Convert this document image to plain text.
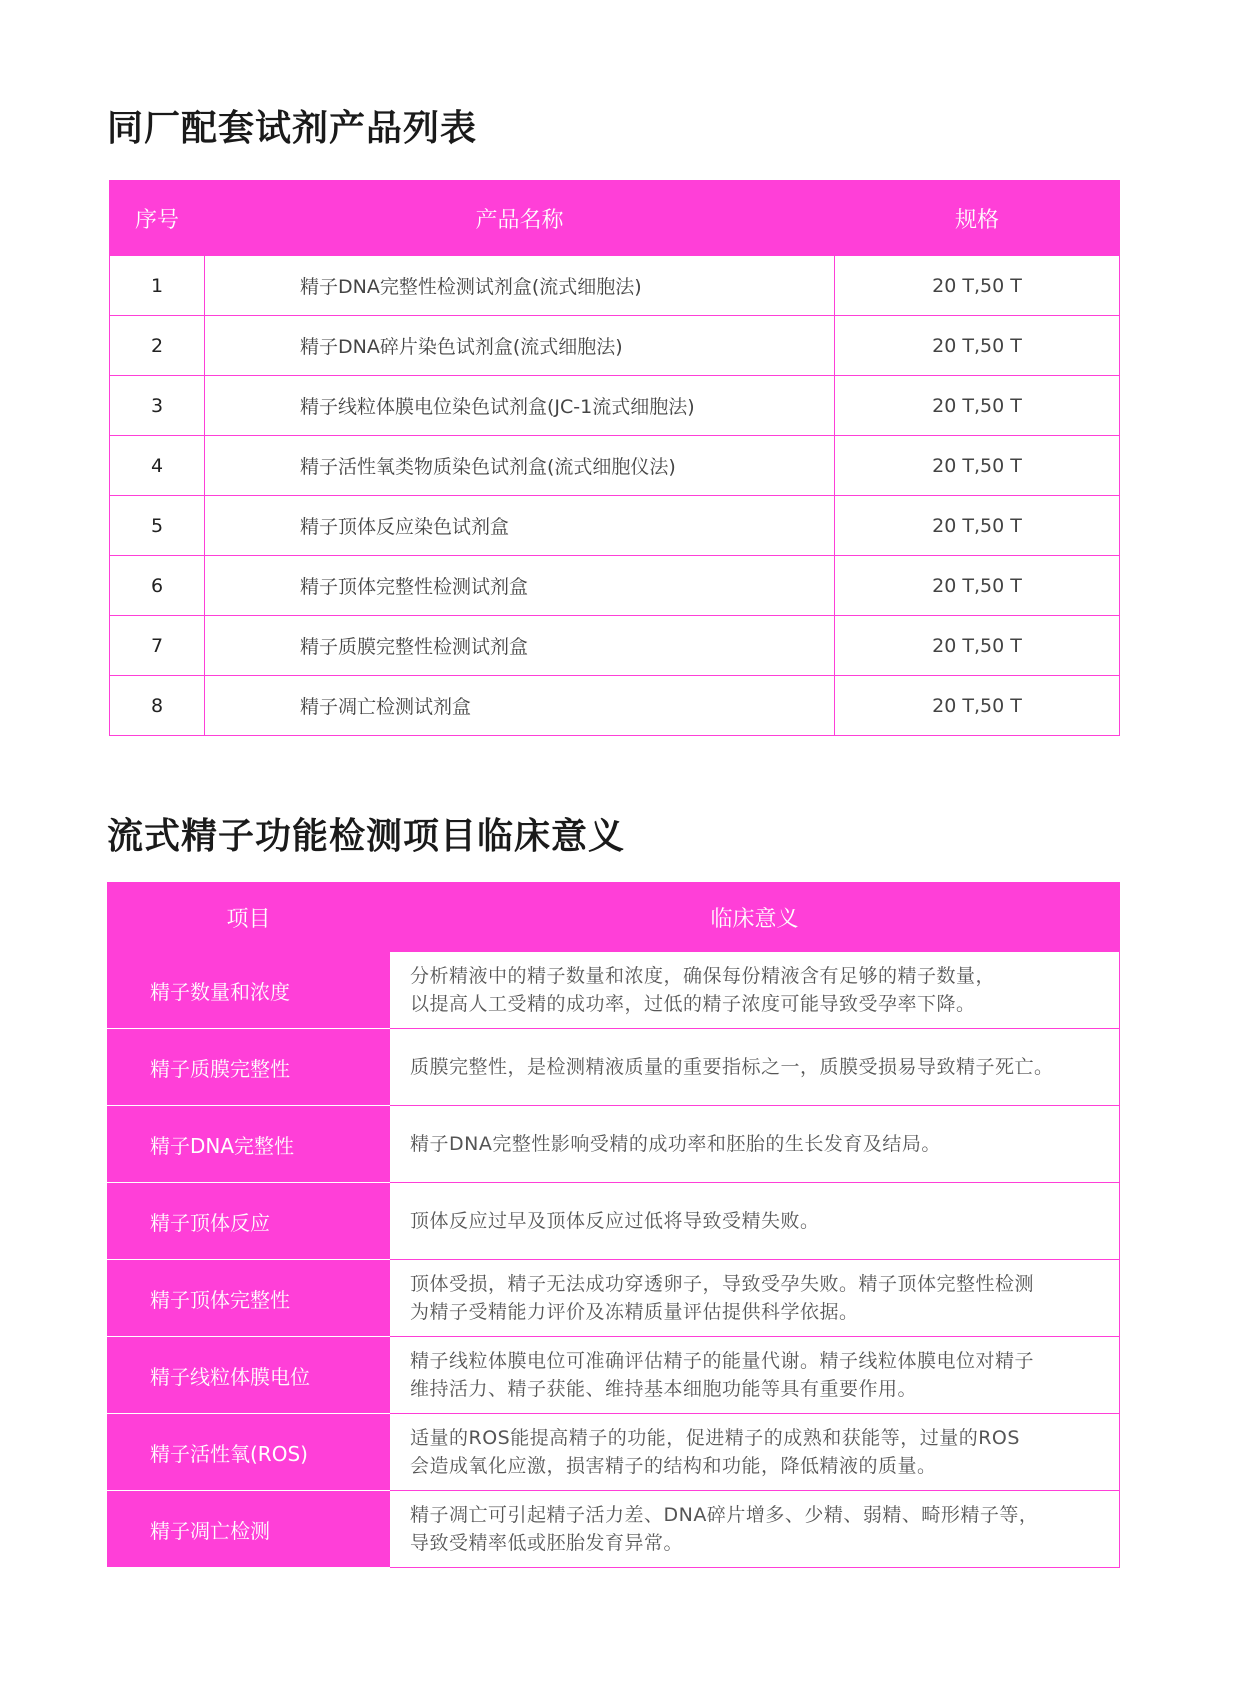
同厂配套试剂产品列表
序号	产品名称	规格
1	精子DNA完整性检测试剂盒(流式细胞法)	20 T,50 T
2	精子DNA碎片染色试剂盒(流式细胞法)	20 T,50 T
3	精子线粒体膜电位染色试剂盒(JC-1流式细胞法)	20 T,50 T
4	精子活性氧类物质染色试剂盒(流式细胞仪法)	20 T,50 T
5	精子顶体反应染色试剂盒	20 T,50 T
6	精子顶体完整性检测试剂盒	20 T,50 T
7	精子质膜完整性检测试剂盒	20 T,50 T
8	精子凋亡检测试剂盒	20 T,50 T
流式精子功能检测项目临床意义
项目	临床意义
精子数量和浓度	分析精液中的精子数量和浓度，确保每份精液含有足够的精子数量，
以提高人工受精的成功率，过低的精子浓度可能导致受孕率下降。

精子质膜完整性	质膜完整性，是检测精液质量的重要指标之一，质膜受损易导致精子死亡。

精子DNA完整性	精子DNA完整性影响受精的成功率和胚胎的生长发育及结局。

精子顶体反应	顶体反应过早及顶体反应过低将导致受精失败。

精子顶体完整性	顶体受损，精子无法成功穿透卵子，导致受孕失败。精子顶体完整性检测
为精子受精能力评价及冻精质量评估提供科学依据。

精子线粒体膜电位	精子线粒体膜电位可准确评估精子的能量代谢。精子线粒体膜电位对精子
维持活力、精子获能、维持基本细胞功能等具有重要作用。

精子活性氧(ROS)	适量的ROS能提高精子的功能，促进精子的成熟和获能等，过量的ROS
会造成氧化应激，损害精子的结构和功能，降低精液的质量。

精子凋亡检测	精子凋亡可引起精子活力差、DNA碎片增多、少精、弱精、畸形精子等，
导致受精率低或胚胎发育异常。
